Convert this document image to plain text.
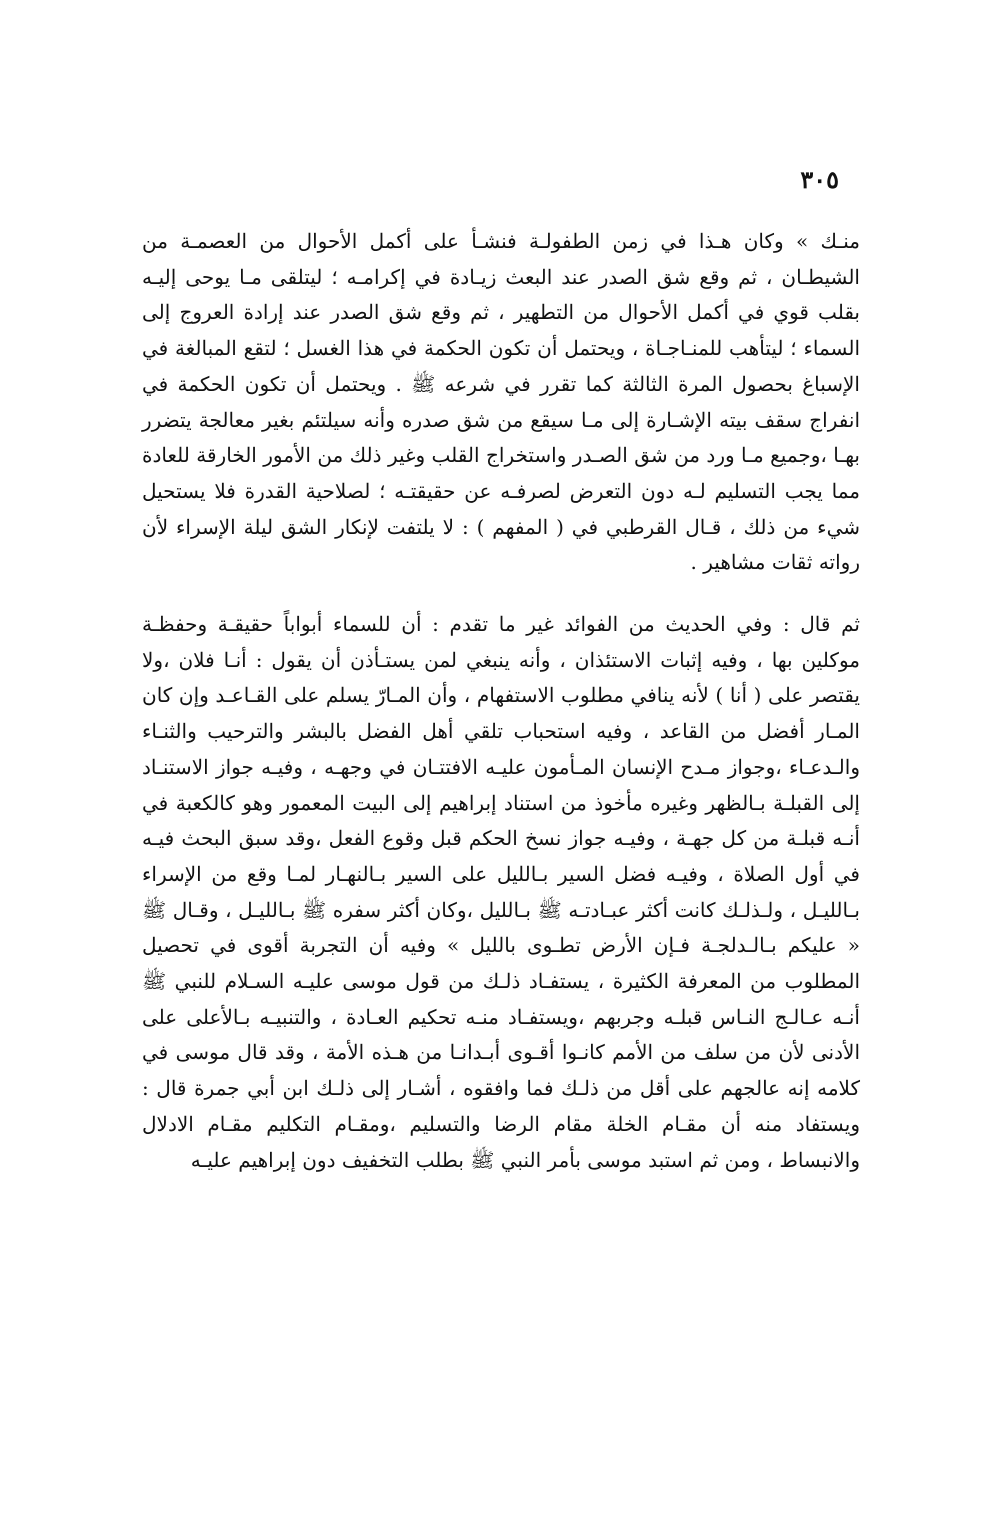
٣٠٥

منـك » وكان هـذا في زمن الطفولـة فنشـأ على أكمل الأحوال من العصمـة من الشيطـان ، ثم وقع شق الصدر عند البعث زيـادة في إكرامـه ؛ ليتلقى مـا يوحى إليـه بقلب قوي في أكمل الأحوال من التطهير ، ثم وقع شق الصدر عند إرادة العروج إلى السماء ؛ ليتأهب للمنـاجـاة ، ويحتمل أن تكون الحكمة في هذا الغسل ؛ لتقع المبالغة في الإسباغ بحصول المرة الثالثة كما تقرر في شرعه ﷺ . ويحتمل أن تكون الحكمة في انفراج سقف بيته الإشـارة إلى مـا سيقع من شق صدره وأنه سيلتئم بغير معالجة يتضرر بهـا ،وجميع مـا ورد من شق الصـدر واستخراج القلب وغير ذلك من الأمور الخارقة للعادة مما يجب التسليم لـه دون التعرض لصرفـه عن حقيقتـه ؛ لصلاحية القدرة فلا يستحيل شيء من ذلك ، قـال القرطبي في ( المفهم ) : لا يلتفت لإنكار الشق ليلة الإسراء لأن رواته ثقات مشاهير .

ثم قال : وفي الحديث من الفوائد غير ما تقدم : أن للسماء أبواباً حقيقـة وحفظـة موكلين بها ، وفيه إثبات الاستئذان ، وأنه ينبغي لمن يستـأذن أن يقول : أنـا فلان ،ولا يقتصر على ( أنا ) لأنه ينافي مطلوب الاستفهام ، وأن المـارّ يسلم على القـاعـد وإن كان المـار أفضل من القاعد ، وفيه استحباب تلقي أهل الفضل بالبشر والترحيب والثنـاء والـدعـاء ،وجواز مـدح الإنسان المـأمون عليـه الافتتـان في وجهـه ، وفيـه جواز الاستنـاد إلى القبلـة بـالظهر وغيره مأخوذ من استناد إبراهيم إلى البيت المعمور وهو كالكعبة في أنـه قبلـة من كل جهـة ، وفيـه جواز نسخ الحكم قبل وقوع الفعل ،وقد سبق البحث فيـه في أول الصلاة ، وفيـه فضل السير بـالليل على السير بـالنهـار لمـا وقع من الإسراء بـالليـل ، ولـذلـك كانت أكثر عبـادتـه ﷺ بـالليل ،وكان أكثر سفره ﷺ بـالليـل ، وقـال ﷺ « عليكم بـالـدلجـة فـإن الأرض تطـوى بالليل » وفيه أن التجربة أقوى في تحصيل المطلوب من المعرفة الكثيرة ، يستفـاد ذلـك من قول موسى عليـه السـلام للنبي ﷺ أنـه عـالـج النـاس قبلـه وجربهم ،ويستفـاد منـه تحكيم العـادة ، والتنبيـه بـالأعلى على الأدنى لأن من سلف من الأمم كانـوا أقـوى أبـدانـا من هـذه الأمة ، وقد قال موسى في كلامه إنه عالجهم على أقل من ذلـك فما وافقوه ، أشـار إلى ذلـك ابن أبي جمرة قال : ويستفاد منه أن مقـام الخلة مقام الرضا والتسليم ،ومقـام التكليم مقـام الادلال والانبساط ، ومن ثم استبد موسى بأمر النبي ﷺ بطلب التخفيف دون إبراهيم عليـه
